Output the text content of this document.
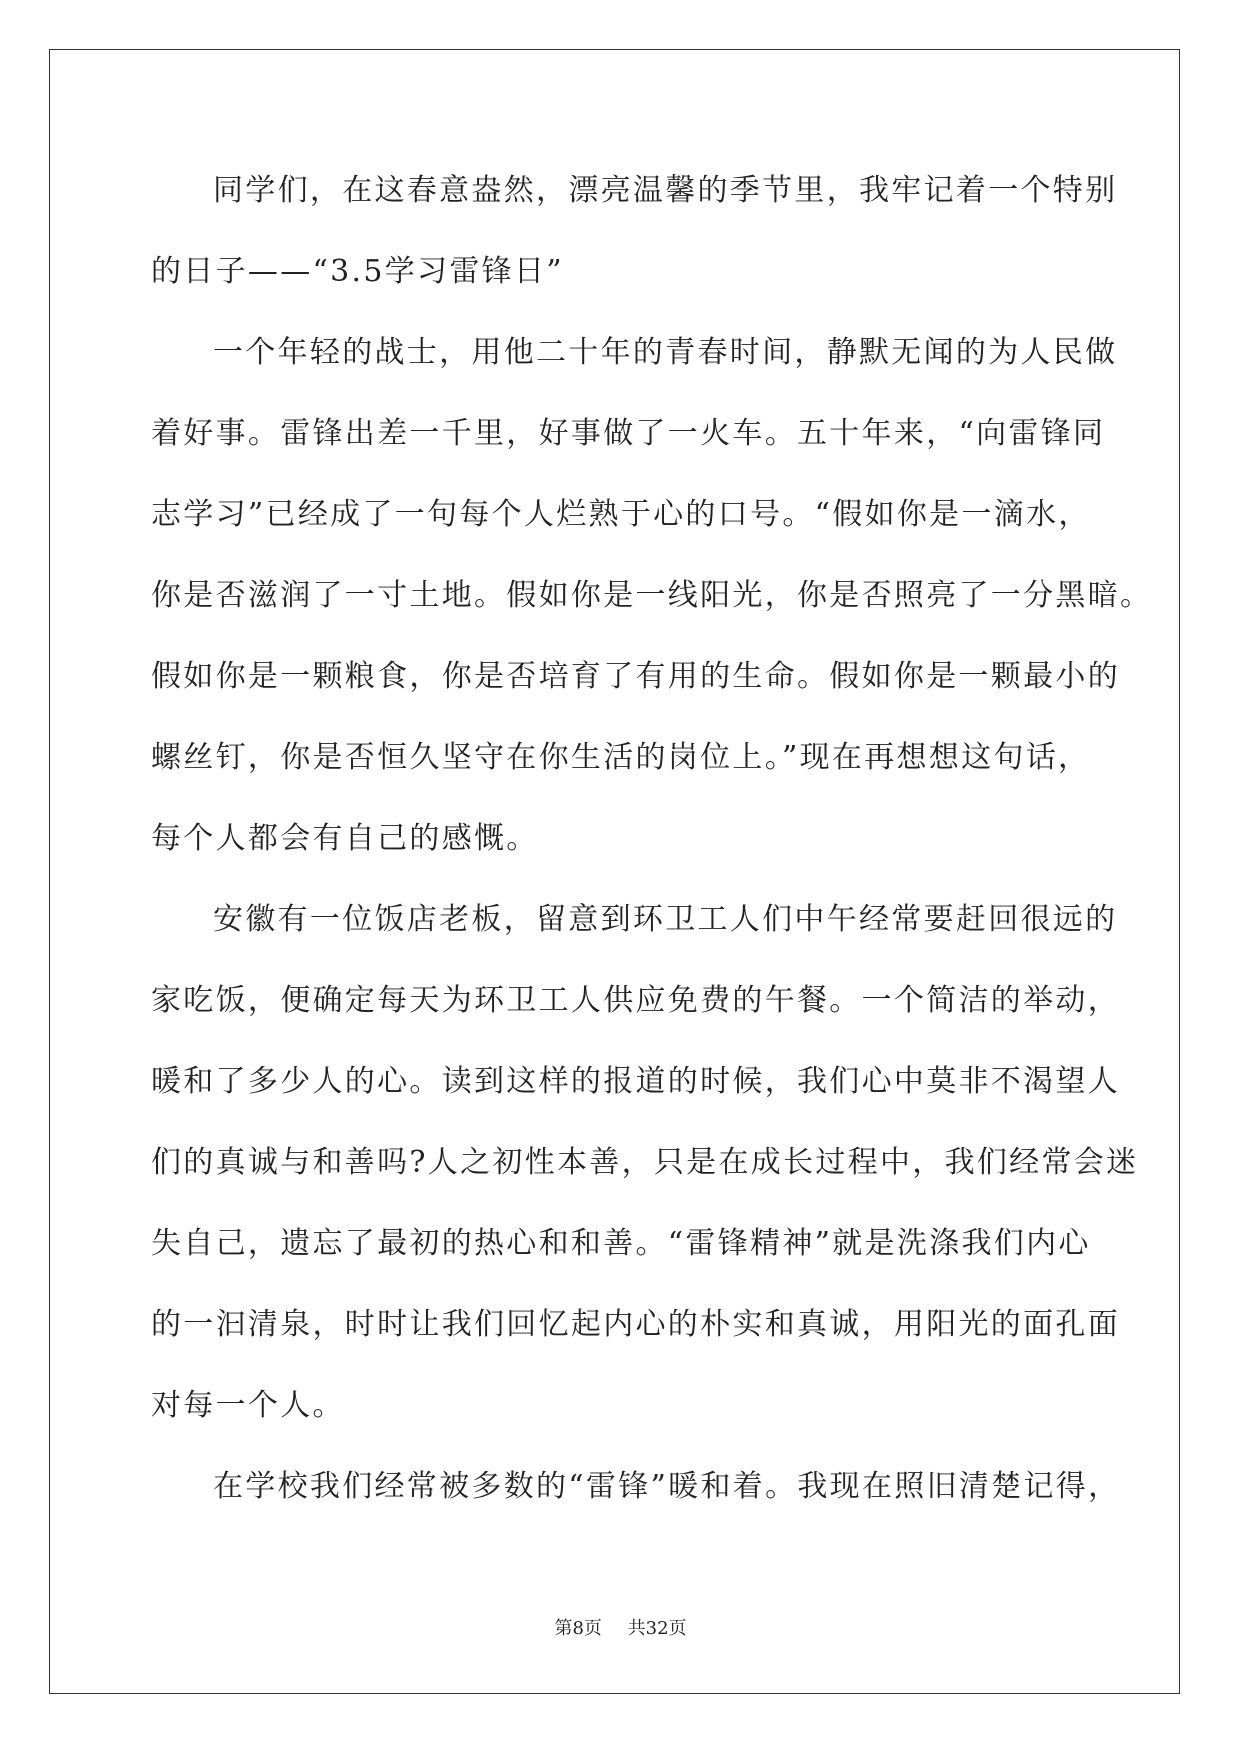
同学们，在这春意盎然，漂亮温馨的季节里，我牢记着一个特别
的日子——“3.5学习雷锋日”
一个年轻的战士，用他二十年的青春时间，静默无闻的为人民做
着好事。雷锋出差一千里，好事做了一火车。五十年来，“向雷锋同
志学习”已经成了一句每个人烂熟于心的口号。“假如你是一滴水，
你是否滋润了一寸土地。假如你是一线阳光，你是否照亮了一分黑暗。
假如你是一颗粮食，你是否培育了有用的生命。假如你是一颗最小的
螺丝钉，你是否恒久坚守在你生活的岗位上。”现在再想想这句话，
每个人都会有自己的感慨。
安徽有一位饭店老板，留意到环卫工人们中午经常要赶回很远的
家吃饭，便确定每天为环卫工人供应免费的午餐。一个简洁的举动，
暖和了多少人的心。读到这样的报道的时候，我们心中莫非不渴望人
们的真诚与和善吗?人之初性本善，只是在成长过程中，我们经常会迷
失自己，遗忘了最初的热心和和善。“雷锋精神”就是洗涤我们内心
的一汩清泉，时时让我们回忆起内心的朴实和真诚，用阳光的面孔面
对每一个人。
在学校我们经常被多数的“雷锋”暖和着。我现在照旧清楚记得，
第8页 共32页
